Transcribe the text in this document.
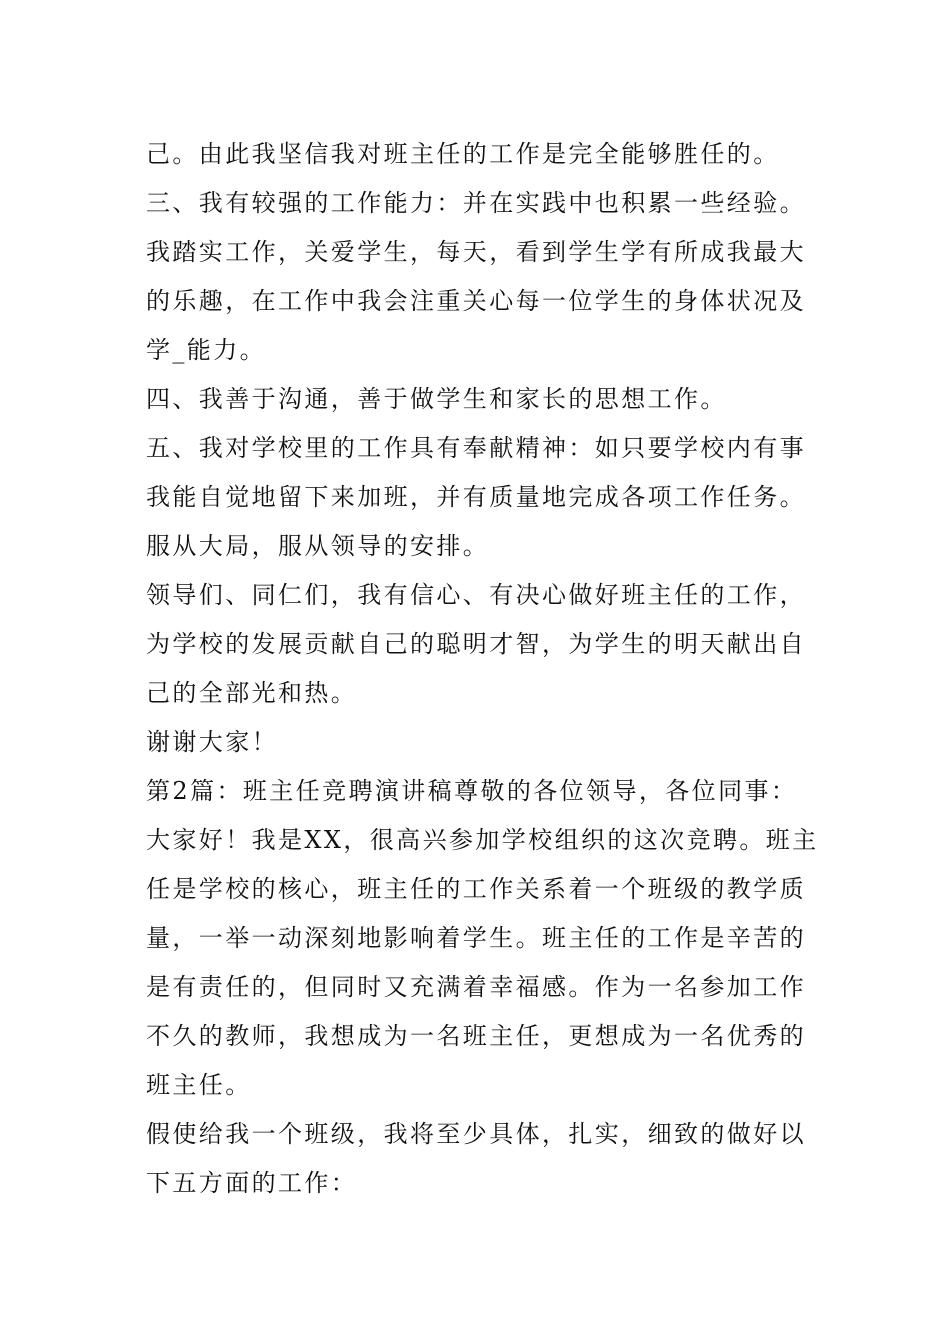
己。由此我坚信我对班主任的工作是完全能够胜任的。

三、我有较强的工作能力：并在实践中也积累一些经验。

我踏实工作，关爱学生，每天，看到学生学有所成我最大

的乐趣，在工作中我会注重关心每一位学生的身体状况及

学_能力。

四、我善于沟通，善于做学生和家长的思想工作。

五、我对学校里的工作具有奉献精神：如只要学校内有事

我能自觉地留下来加班，并有质量地完成各项工作任务。

服从大局，服从领导的安排。

领导们、同仁们，我有信心、有决心做好班主任的工作，

为学校的发展贡献自己的聪明才智，为学生的明天献出自

己的全部光和热。

谢谢大家！

第2篇：班主任竞聘演讲稿尊敬的各位领导，各位同事：

大家好！我是XX，很高兴参加学校组织的这次竞聘。班主

任是学校的核心，班主任的工作关系着一个班级的教学质

量，一举一动深刻地影响着学生。班主任的工作是辛苦的

是有责任的，但同时又充满着幸福感。作为一名参加工作

不久的教师，我想成为一名班主任，更想成为一名优秀的

班主任。

假使给我一个班级，我将至少具体，扎实，细致的做好以

下五方面的工作：
